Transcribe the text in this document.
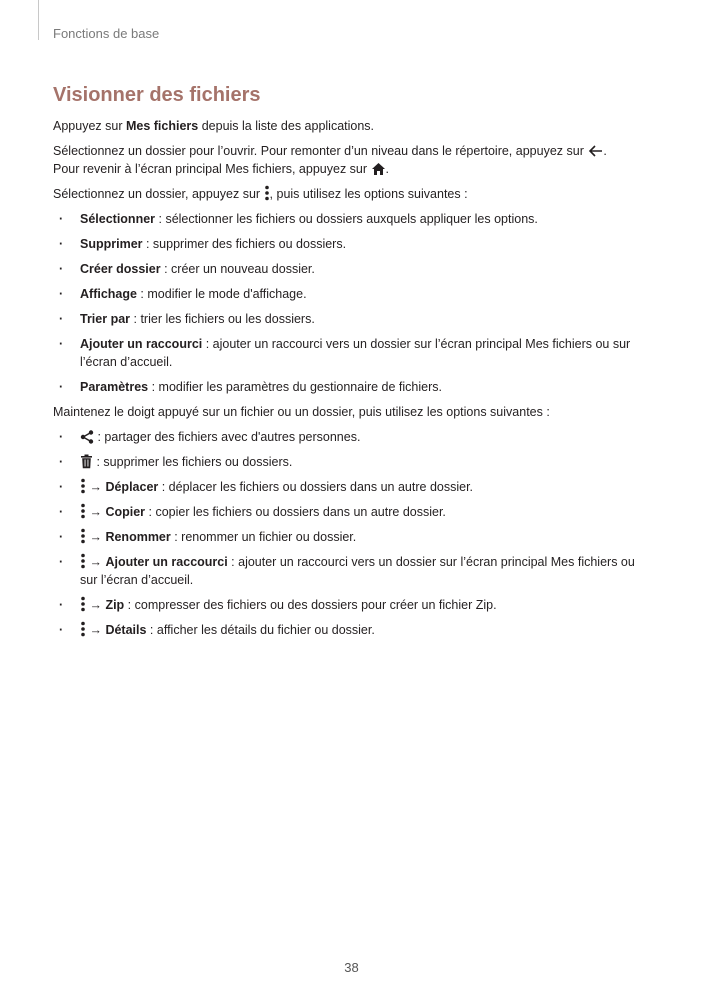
Fonctions de base
Visionner des fichiers

Appuyez sur Mes fichiers depuis la liste des applications.

Sélectionnez un dossier pour l’ouvrir. Pour remonter d’un niveau dans le répertoire, appuyez sur .
Pour revenir à l’écran principal Mes fichiers, appuyez sur .

Sélectionnez un dossier, appuyez sur , puis utilisez les options suivantes :

· Sélectionner : sélectionner les fichiers ou dossiers auxquels appliquer les options.
· Supprimer : supprimer des fichiers ou dossiers.
· Créer dossier : créer un nouveau dossier.
· Affichage : modifier le mode d'affichage.
· Trier par : trier les fichiers ou les dossiers.
· Ajouter un raccourci : ajouter un raccourci vers un dossier sur l’écran principal Mes fichiers ou sur l’écran d’accueil.
· Paramètres : modifier les paramètres du gestionnaire de fichiers.

Maintenez le doigt appuyé sur un fichier ou un dossier, puis utilisez les options suivantes :

· : partager des fichiers avec d'autres personnes.
· : supprimer les fichiers ou dossiers.
· → Déplacer : déplacer les fichiers ou dossiers dans un autre dossier.
· → Copier : copier les fichiers ou dossiers dans un autre dossier.
· → Renommer : renommer un fichier ou dossier.
· → Ajouter un raccourci : ajouter un raccourci vers un dossier sur l’écran principal Mes fichiers ou sur l’écran d’accueil.
· → Zip : compresser des fichiers ou des dossiers pour créer un fichier Zip.
· → Détails : afficher les détails du fichier ou dossier.
38
